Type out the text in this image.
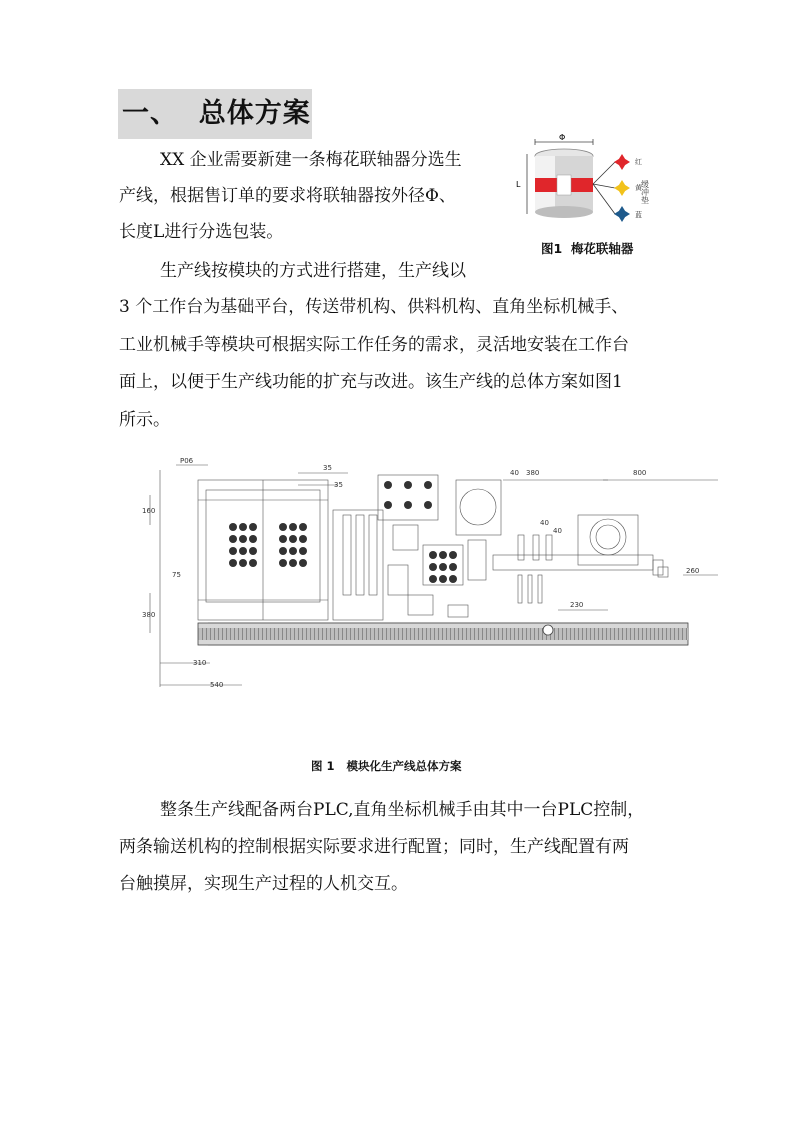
一、  总体方案
XX 企业需要新建一条梅花联轴器分选生
产线，根据售订单的要求将联轴器按外径Φ、
长度L进行分选包装。
生产线按模块的方式进行搭建，生产线以
3 个工作台为基础平台，传送带机构、供料机构、直角坐标机械手、
工业机械手等模块可根据实际工作任务的需求，灵活地安装在工作台
面上，以便于生产线功能的扩充与改进。该生产线的总体方案如图1
所示。
Φ
L
红
黄
蓝
缓冲垫
图1  梅花联轴器
P06
160
75
35
35
40 380	800
40
40
260
230
380
310
540
图 1   模块化生产线总体方案
整条生产线配备两台PLC,直角坐标机械手由其中一台PLC控制，
两条输送机构的控制根据实际要求进行配置；同时，生产线配置有两
台触摸屏，实现生产过程的人机交互。
